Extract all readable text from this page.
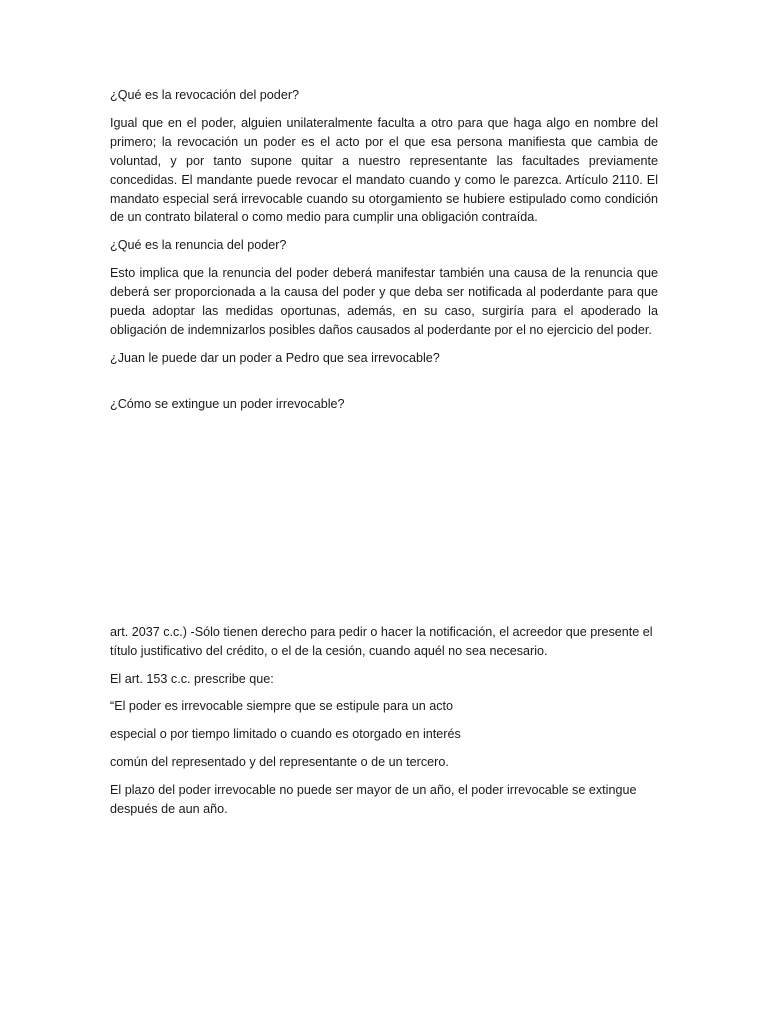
¿Qué es la revocación del poder?

Igual que en el poder, alguien unilateralmente faculta a otro para que haga algo en nombre del primero; la revocación un poder es el acto por el que esa persona manifiesta que cambia de voluntad, y por tanto supone quitar a nuestro representante las facultades previamente concedidas. El mandante puede revocar el mandato cuando y como le parezca. Artículo 2110. El mandato especial será irrevocable cuando su otorgamiento se hubiere estipulado como condición de un contrato bilateral o como medio para cumplir una obligación contraída.

¿Qué es la renuncia del poder?

Esto implica que la renuncia del poder deberá manifestar también una causa de la renuncia que deberá ser proporcionada a la causa del poder y que deba ser notificada al poderdante para que pueda adoptar las medidas oportunas, además, en su caso, surgiría para el apoderado la obligación de indemnizarlos posibles daños causados al poderdante por el no ejercicio del poder.

¿Juan le puede dar un poder a Pedro que sea irrevocable?

¿Cómo se extingue un poder irrevocable?

art. 2037 c.c.) -Sólo tienen derecho para pedir o hacer la notificación, el acreedor que presente el título justificativo del crédito, o el de la cesión, cuando aquél no sea necesario.

El art. 153 c.c. prescribe que:

“El poder es irrevocable siempre que se estipule para un acto

especial o por tiempo limitado o cuando es otorgado en interés

común del representado y del representante o de un tercero.

El plazo del poder irrevocable no puede ser mayor de un año, el poder irrevocable se extingue después de aun año.
